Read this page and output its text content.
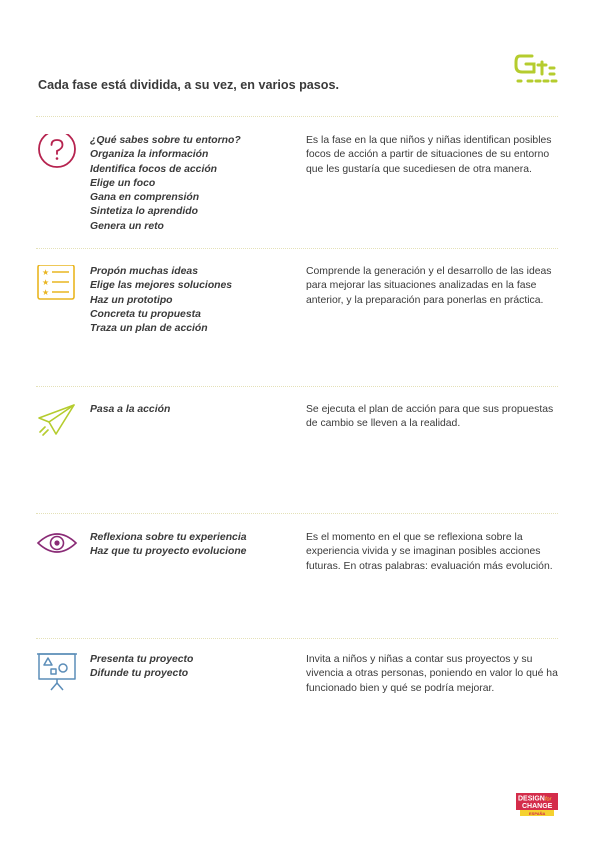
Cada fase está dividida, a su vez, en varios pasos.
¿Qué sabes sobre tu entorno?
Organiza la información
Identifica focos de acción
Elige un foco
Gana en comprensión
Sintetiza lo aprendido
Genera un reto

Es la fase en la que niños y niñas identifican posibles focos de acción a partir de situaciones de su entorno que les gustaría que sucediesen de otra manera.

★
★
★
Propón muchas ideas
Elige las mejores soluciones
Haz un prototipo
Concreta tu propuesta
Traza un plan de acción

Comprende la generación y el desarrollo de las ideas para mejorar las situaciones analizadas en la fase anterior, y la preparación para ponerlas en práctica.

Pasa a la acción	Se ejecuta el plan de acción para que sus propuestas de cambio se lleven a la realidad.

Reflexiona sobre tu experiencia
Haz que tu proyecto evolucione

Es el momento en el que se reflexiona sobre la experiencia vivida y se imaginan posibles acciones futuras. En otras palabras: evaluación más evolución.

Presenta tu proyecto
Difunde tu proyecto

Invita a niños y niñas a contar sus proyectos y su vivencia a otras personas, poniendo en valor lo qué ha funcionado bien y qué se podría mejorar.

DESIGN for
CHANGE
ESPAÑA
